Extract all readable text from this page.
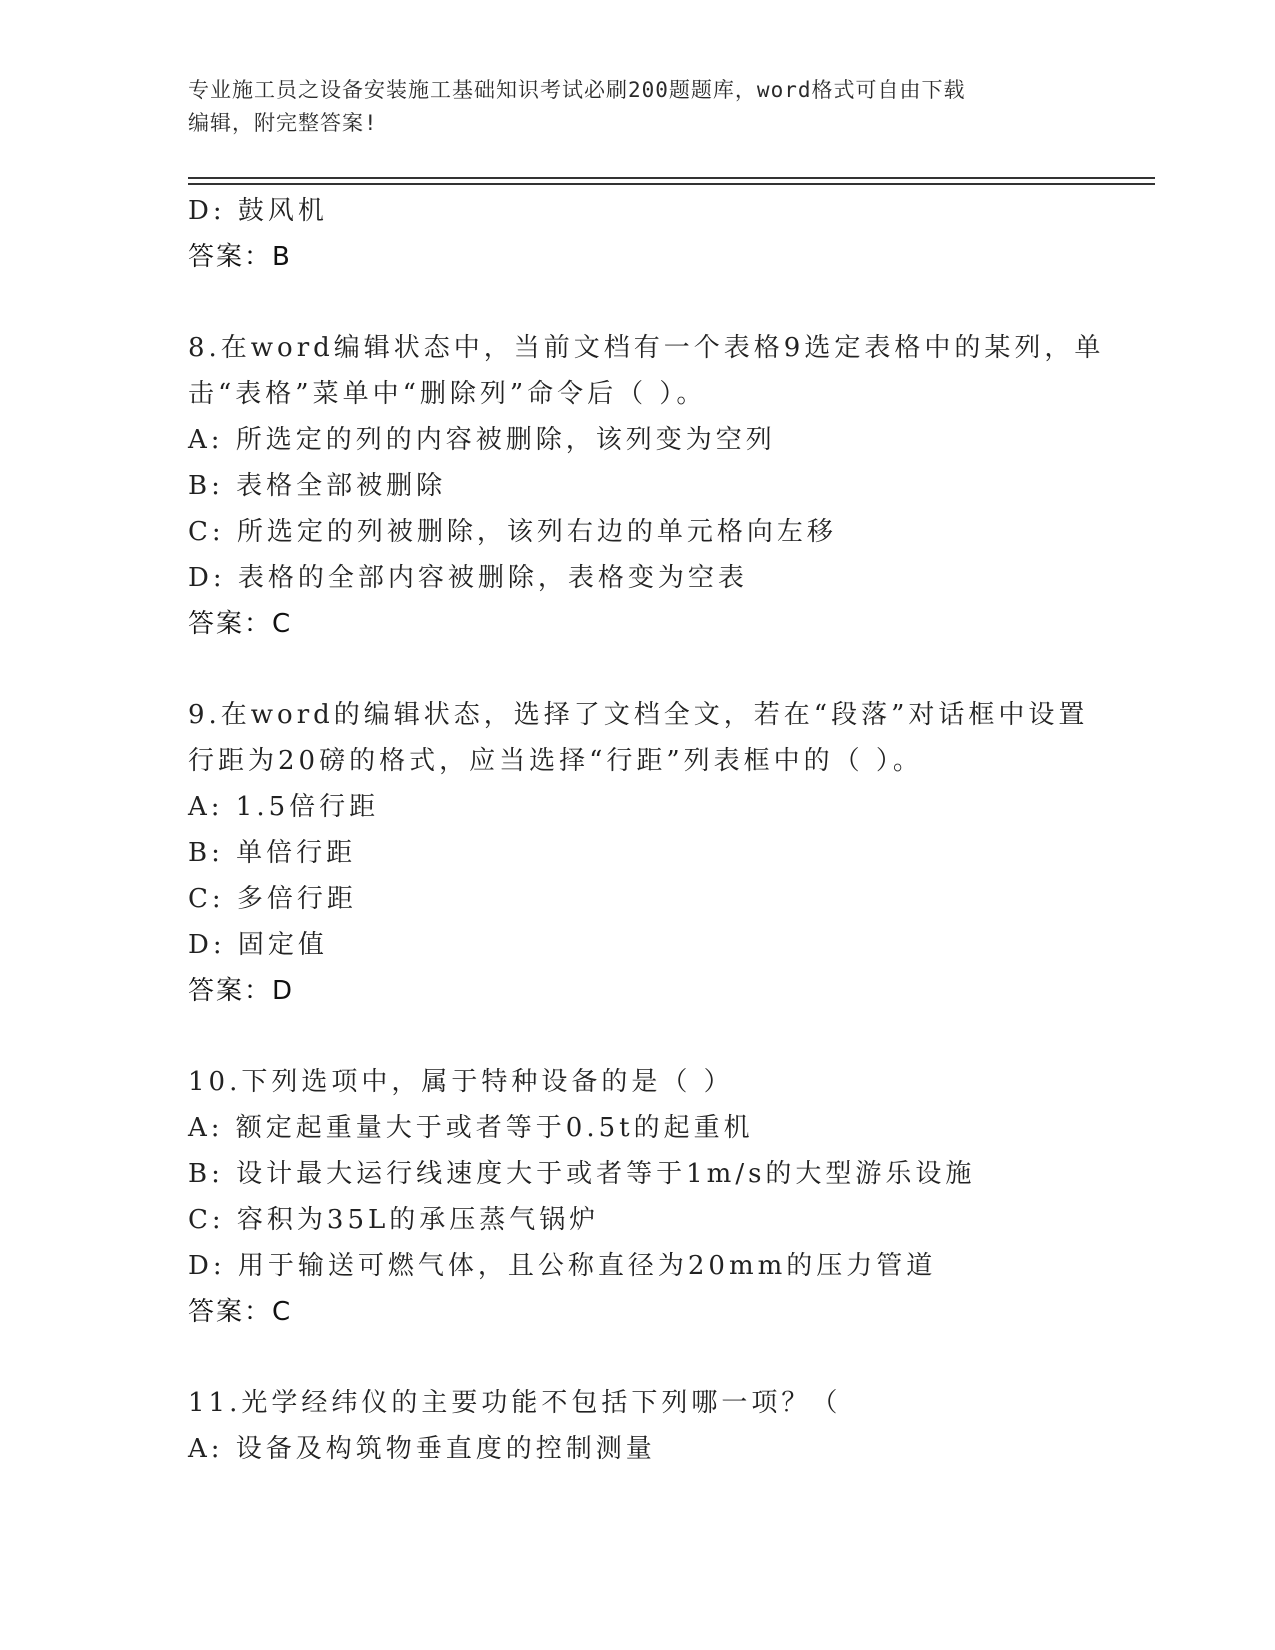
专业施工员之设备安装施工基础知识考试必刷200题题库，word格式可自由下载
编辑，附完整答案!
D: 鼓风机
答案：B
8.在word编辑状态中，当前文档有一个表格9选定表格中的某列，单
击“表格”菜单中“删除列”命令后（ ）。
A: 所选定的列的内容被删除，该列变为空列
B: 表格全部被删除
C: 所选定的列被删除，该列右边的单元格向左移
D: 表格的全部内容被删除，表格变为空表
答案：C
9.在word的编辑状态，选择了文档全文，若在“段落”对话框中设置
行距为20磅的格式，应当选择“行距”列表框中的（ ）。
A: 1.5倍行距
B: 单倍行距
C: 多倍行距
D: 固定值
答案：D
10.下列选项中，属于特种设备的是（ ）
A: 额定起重量大于或者等于0.5t的起重机
B: 设计最大运行线速度大于或者等于1m/s的大型游乐设施
C: 容积为35L的承压蒸气锅炉
D: 用于输送可燃气体，且公称直径为20mm的压力管道
答案：C
11.光学经纬仪的主要功能不包括下列哪一项？（
A: 设备及构筑物垂直度的控制测量
